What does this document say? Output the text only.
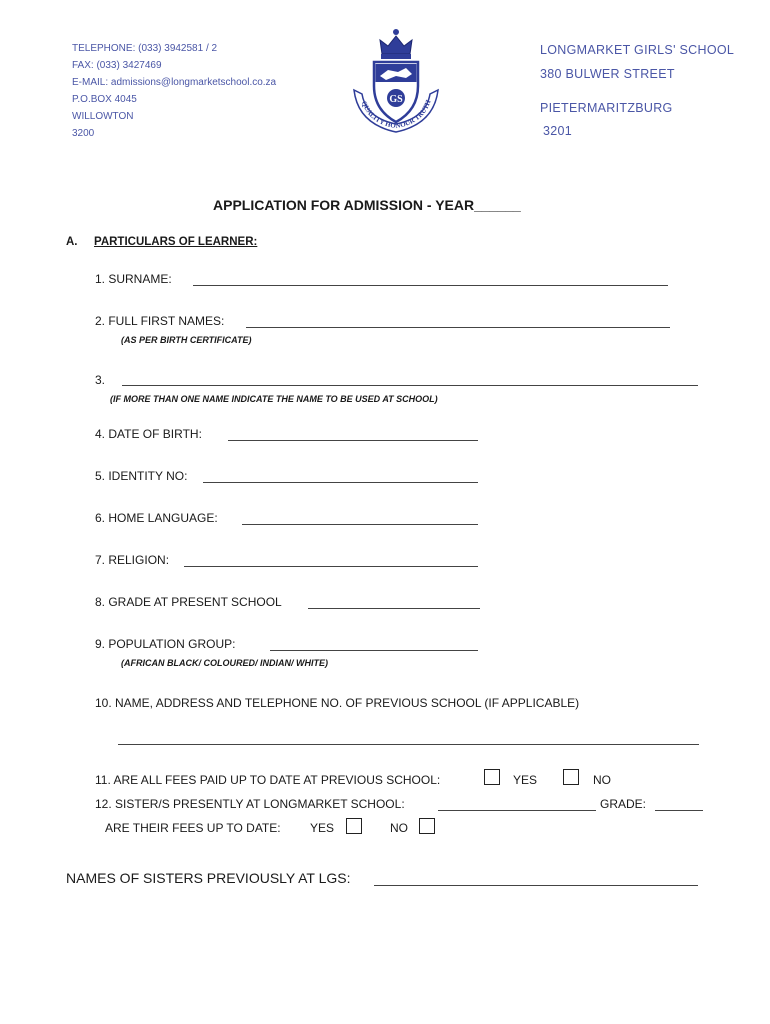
TELEPHONE: (033) 3942581 / 2
FAX: (033) 3427469
E-MAIL: admissions@longmarketschool.co.za
P.O.BOX 4045
WILLOWTON
3200
GS
QUALITY HONOUR TRUTH
LONGMARKET GIRLS' SCHOOL
380 BULWER STREET
PIETERMARITZBURG
3201
APPLICATION FOR ADMISSION - YEAR______
A. PARTICULARS OF LEARNER:
1. SURNAME:
2. FULL FIRST NAMES:
(AS PER BIRTH CERTIFICATE)
3.
(IF MORE THAN ONE NAME INDICATE THE NAME TO BE USED AT SCHOOL)
4. DATE OF BIRTH:
5. IDENTITY NO:
6. HOME LANGUAGE:
7. RELIGION:
8. GRADE AT PRESENT SCHOOL
9. POPULATION GROUP:
(AFRICAN BLACK/ COLOURED/ INDIAN/ WHITE)
10. NAME, ADDRESS AND TELEPHONE NO. OF PREVIOUS SCHOOL (IF APPLICABLE)
11. ARE ALL FEES PAID UP TO DATE AT PREVIOUS SCHOOL:	YES	NO
12. SISTER/S PRESENTLY AT LONGMARKET SCHOOL:	GRADE:
ARE THEIR FEES UP TO DATE: YES	NO
NAMES OF SISTERS PREVIOUSLY AT LGS:
